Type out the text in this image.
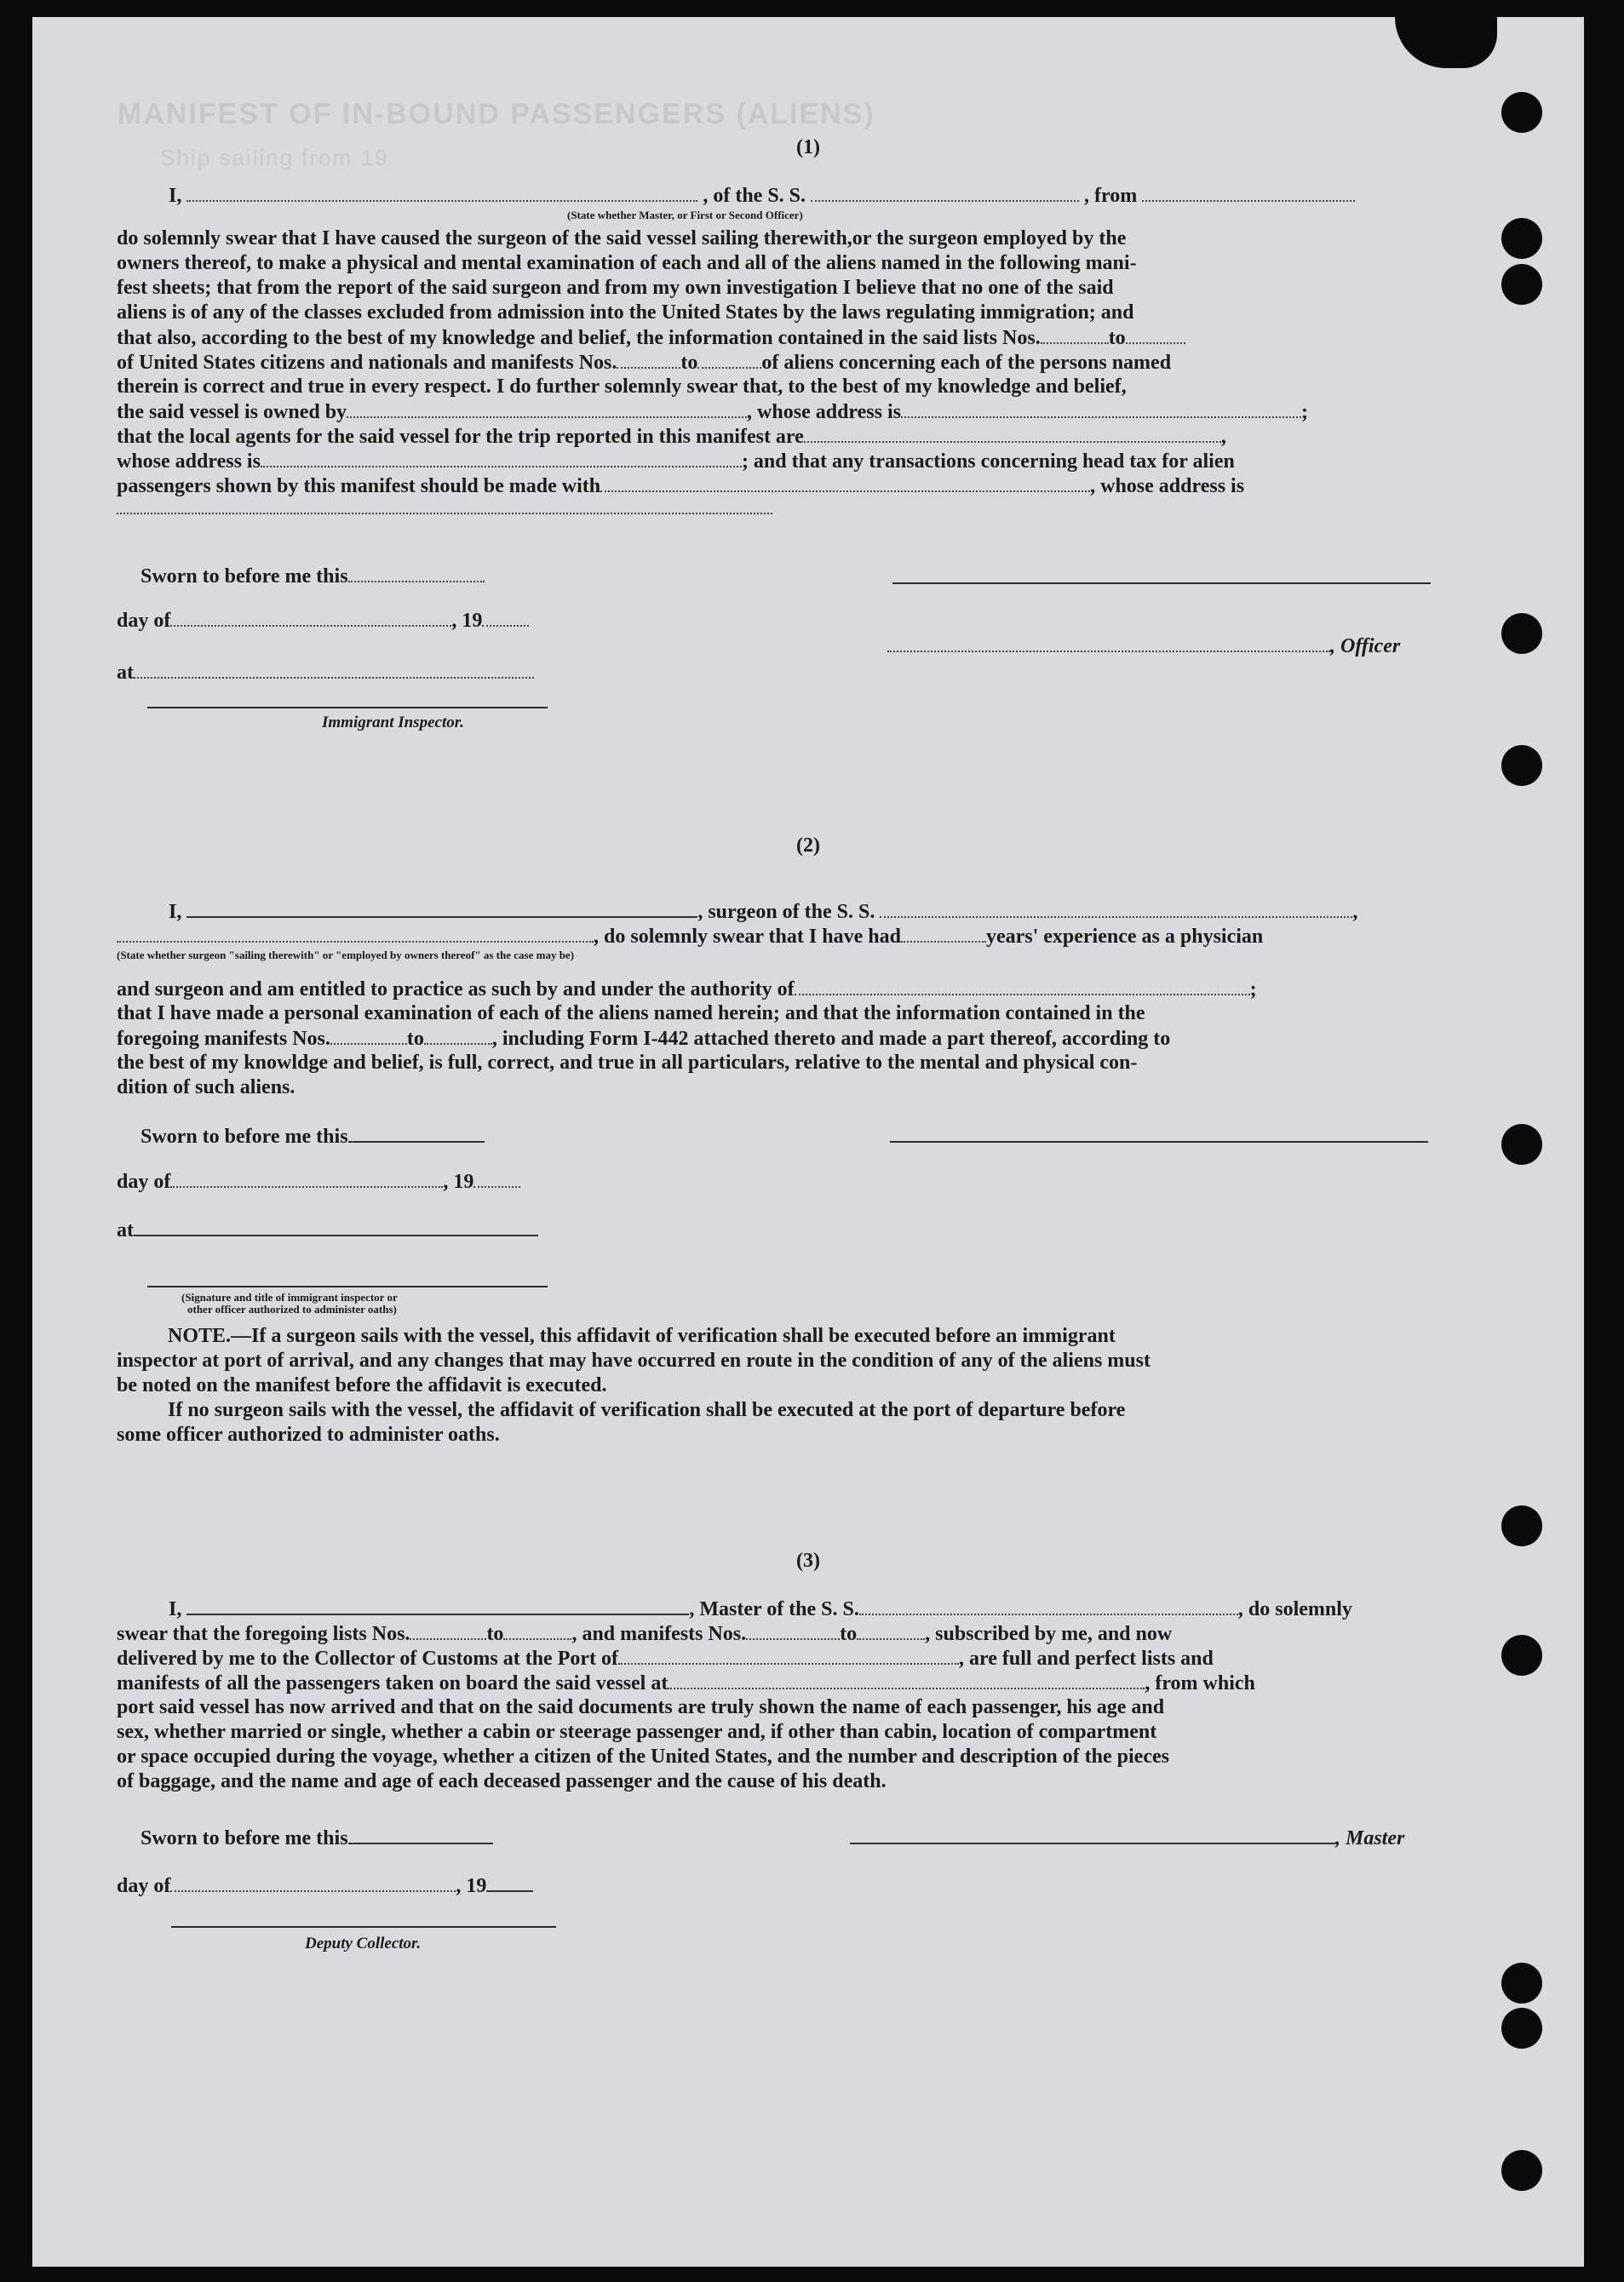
MANIFEST OF IN-BOUND PASSENGERS (ALIENS)
Ship sailing from 19	(1)
I,	, of the S. S.	, from
(State whether Master, or First or Second Officer)
do solemnly swear that I have caused the surgeon of the said vessel sailing therewith,or the surgeon employed by the
owners thereof, to make a physical and mental examination of each and all of the aliens named in the following mani-
fest sheets; that from the report of the said surgeon and from my own investigation I believe that no one of the said
aliens is of any of the classes excluded from admission into the United States by the laws regulating immigration; and
that also, according to the best of my knowledge and belief, the information contained in the said lists Nos.	to
of United States citizens and nationals and manifests Nos.	to	of aliens concerning each of the persons named
therein is correct and true in every respect. I do further solemnly swear that, to the best of my knowledge and belief,
the said vessel is owned by	, whose address is	;
that the local agents for the said vessel for the trip reported in this manifest are	,
whose address is	; and that any transactions concerning head tax for alien
passengers shown by this manifest should be made with	, whose address is
Sworn to before me this
day of	, 19
, Officer
at
Immigrant Inspector.
(2)
I,	, surgeon of the S. S.	,
, do solemnly swear that I have had	years' experience as a physician
(State whether surgeon "sailing therewith" or "employed by owners thereof" as the case may be)
and surgeon and am entitled to practice as such by and under the authority of	;
that I have made a personal examination of each of the aliens named herein; and that the information contained in the
foregoing manifests Nos.	to	, including Form I-442 attached thereto and made a part thereof, according to
the best of my knowldge and belief, is full, correct, and true in all particulars, relative to the mental and physical con-
dition of such aliens.
Sworn to before me this
day of	, 19
at
(Signature and title of immigrant inspector or
other officer authorized to administer oaths)
NOTE.—If a surgeon sails with the vessel, this affidavit of verification shall be executed before an immigrant
inspector at port of arrival, and any changes that may have occurred en route in the condition of any of the aliens must
be noted on the manifest before the affidavit is executed.
If no surgeon sails with the vessel, the affidavit of verification shall be executed at the port of departure before
some officer authorized to administer oaths.
(3)
I,	, Master of the S. S.	, do solemnly
swear that the foregoing lists Nos.	to	, and manifests Nos.	to	, subscribed by me, and now
delivered by me to the Collector of Customs at the Port of	, are full and perfect lists and
manifests of all the passengers taken on board the said vessel at	, from which
port said vessel has now arrived and that on the said documents are truly shown the name of each passenger, his age and
sex, whether married or single, whether a cabin or steerage passenger and, if other than cabin, location of compartment
or space occupied during the voyage, whether a citizen of the United States, and the number and description of the pieces
of baggage, and the name and age of each deceased passenger and the cause of his death.
Sworn to before me this	, Master
day of	, 19
Deputy Collector.
